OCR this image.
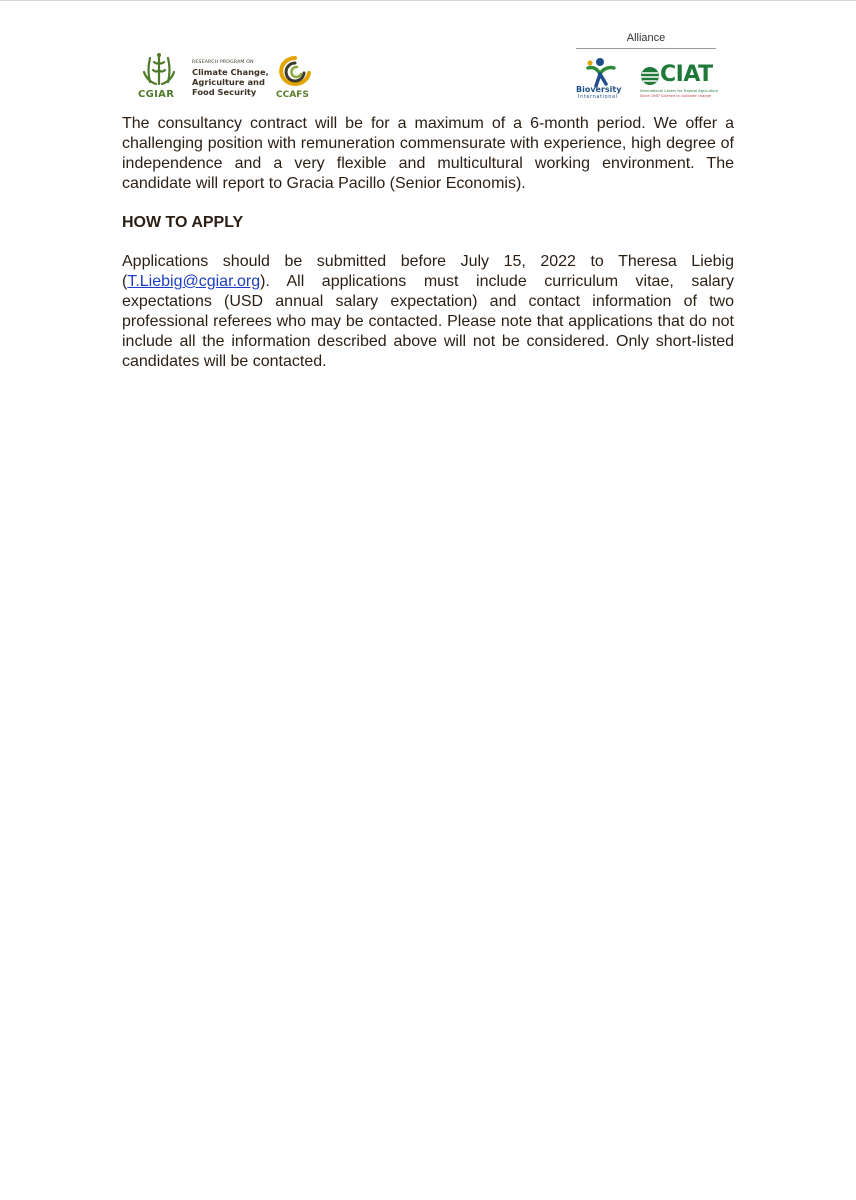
CGIAR
RESEARCH PROGRAM ON
Climate Change,
Agriculture and
Food Security	CCAFS
Alliance
Bioversity
International
CIAT
International Center for Tropical Agriculture
Since 1967 Science to cultivate change

The consultancy contract will be for a maximum of a 6-month period. We offer a challenging position with remuneration commensurate with experience, high degree of independence and a very flexible and multicultural working environment. The candidate will report to Gracia Pacillo (Senior Economis).

HOW TO APPLY

Applications should be submitted before July 15, 2022 to Theresa Liebig (T.Liebig@cgiar.org). All applications must include curriculum vitae, salary expectations (USD annual salary expectation) and contact information of two professional referees who may be contacted. Please note that applications that do not include all the information described above will not be considered. Only short-listed candidates will be contacted.
